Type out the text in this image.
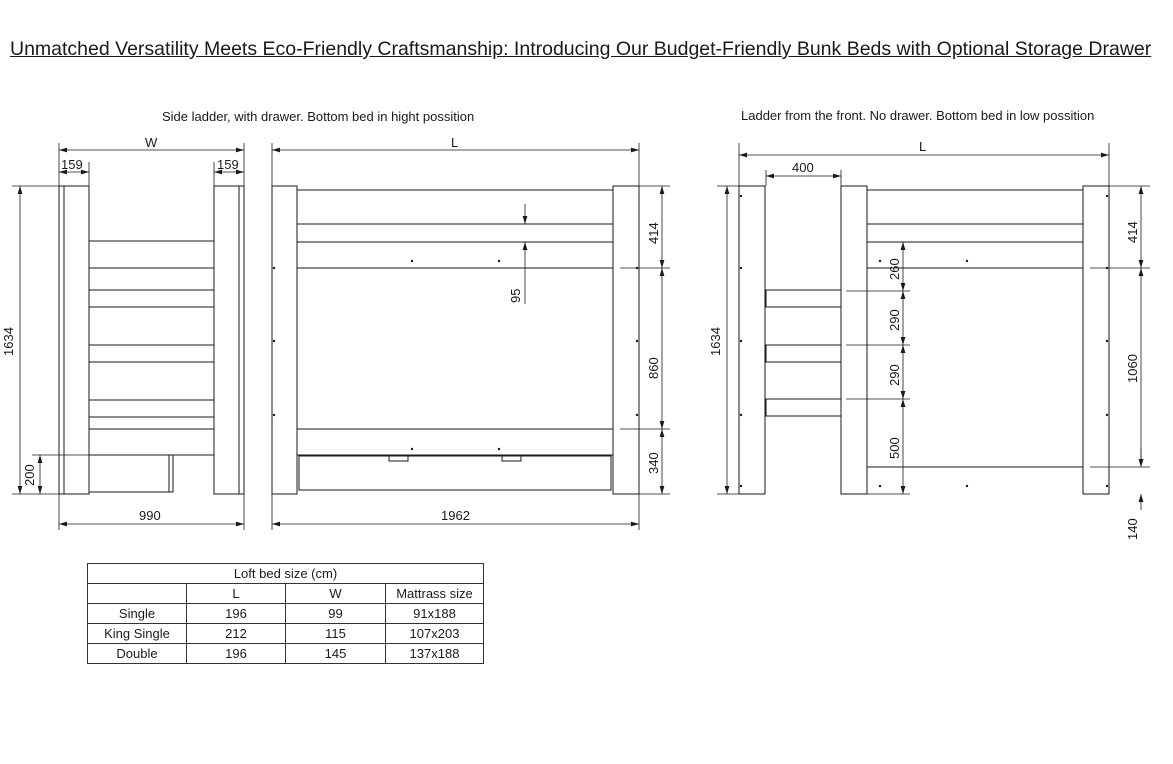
Unmatched Versatility Meets Eco-Friendly Craftsmanship: Introducing Our Budget-Friendly Bunk Beds with Optional Storage Drawer
Side ladder, with drawer. Bottom bed in hight possition	Ladder from the front. No drawer. Bottom bed in low possition
W
159	159
1634
200
990
L
414
95
860
340
1962
L
400
1634
260
290
290
500
414
1060
140
Loft bed size (cm)			
	L	W	Mattrass size
Single	196	99	91x188
King Single	212	115	107x203
Double	196	145	137x188
